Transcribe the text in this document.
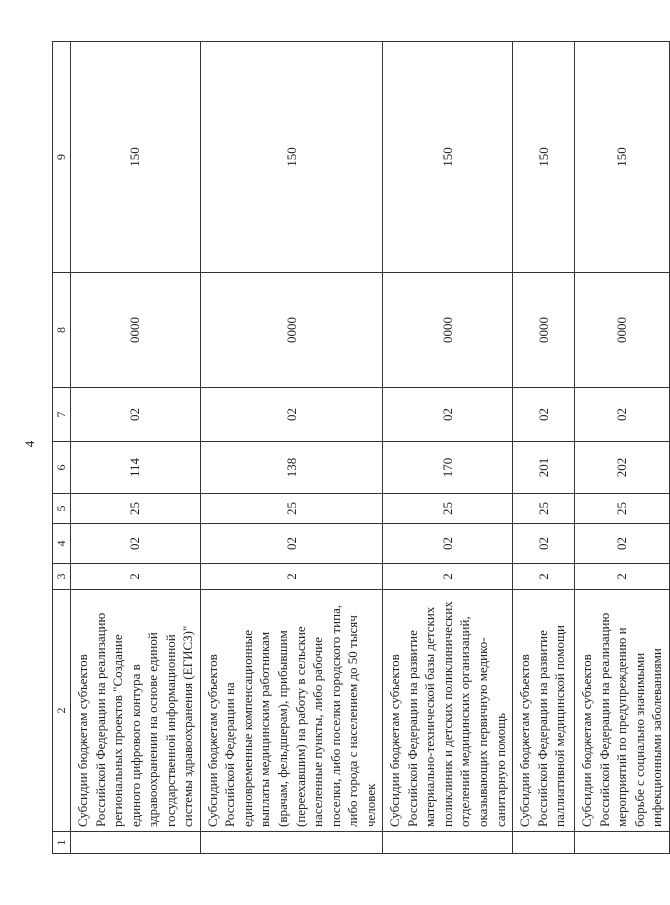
4
1	2	3	4	5	6	7	8	9
	Субсидии бюджетам субъектов Российской Федерации на реализацию региональных проектов "Создание единого цифрового контура в здравоохранении на основе единой государственной информационной системы здравоохранения (ЕГИСЗ)"	2	02	25	114	02	0000	150
	Субсидии бюджетам субъектов Российской Федерации на единовременные компенсационные выплаты медицинским работникам (врачам, фельдшерам), прибывшим (переехавшим) на работу в сельские населенные пункты, либо рабочие поселки, либо поселки городского типа, либо города с населением до 50 тысяч человек	2	02	25	138	02	0000	150
	Субсидии бюджетам субъектов Российской Федерации на развитие материально-технической базы детских поликлиник и детских поликлинических отделений медицинских организаций, оказывающих первичную медико-санитарную помощь	2	02	25	170	02	0000	150
	Субсидии бюджетам субъектов Российской Федерации на развитие паллиативной медицинской помощи	2	02	25	201	02	0000	150
	Субсидии бюджетам субъектов Российской Федерации на реализацию мероприятий по предупреждению и борьбе с социально значимыми инфекционными заболеваниями	2	02	25	202	02	0000	150
